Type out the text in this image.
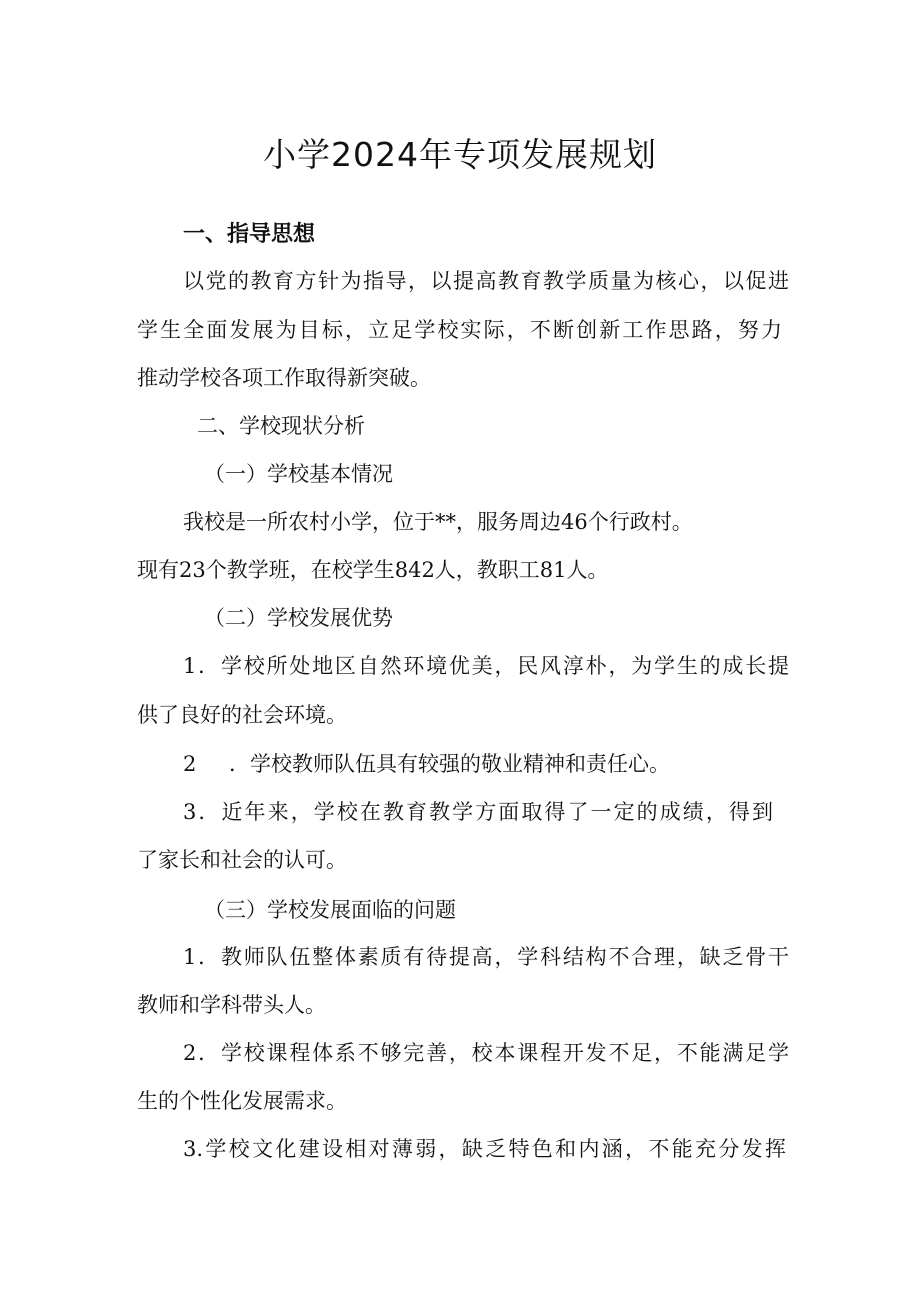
小学2024年专项发展规划
一、指导思想
以党的教育方针为指导，以提高教育教学质量为核心，以促进
学生全面发展为目标，立足学校实际，不断创新工作思路，努力
推动学校各项工作取得新突破。
二、学校现状分析
（一）学校基本情况
我校是一所农村小学，位于**，服务周边46个行政村。
现有23个教学班，在校学生842人，教职工81人。
（二）学校发展优势
1．学校所处地区自然环境优美，民风淳朴，为学生的成长提
供了良好的社会环境。
2 ．学校教师队伍具有较强的敬业精神和责任心。
3．近年来，学校在教育教学方面取得了一定的成绩，得到
了家长和社会的认可。
（三）学校发展面临的问题
1．教师队伍整体素质有待提高，学科结构不合理，缺乏骨干
教师和学科带头人。
2．学校课程体系不够完善，校本课程开发不足，不能满足学
生的个性化发展需求。
3.学校文化建设相对薄弱，缺乏特色和内涵，不能充分发挥
